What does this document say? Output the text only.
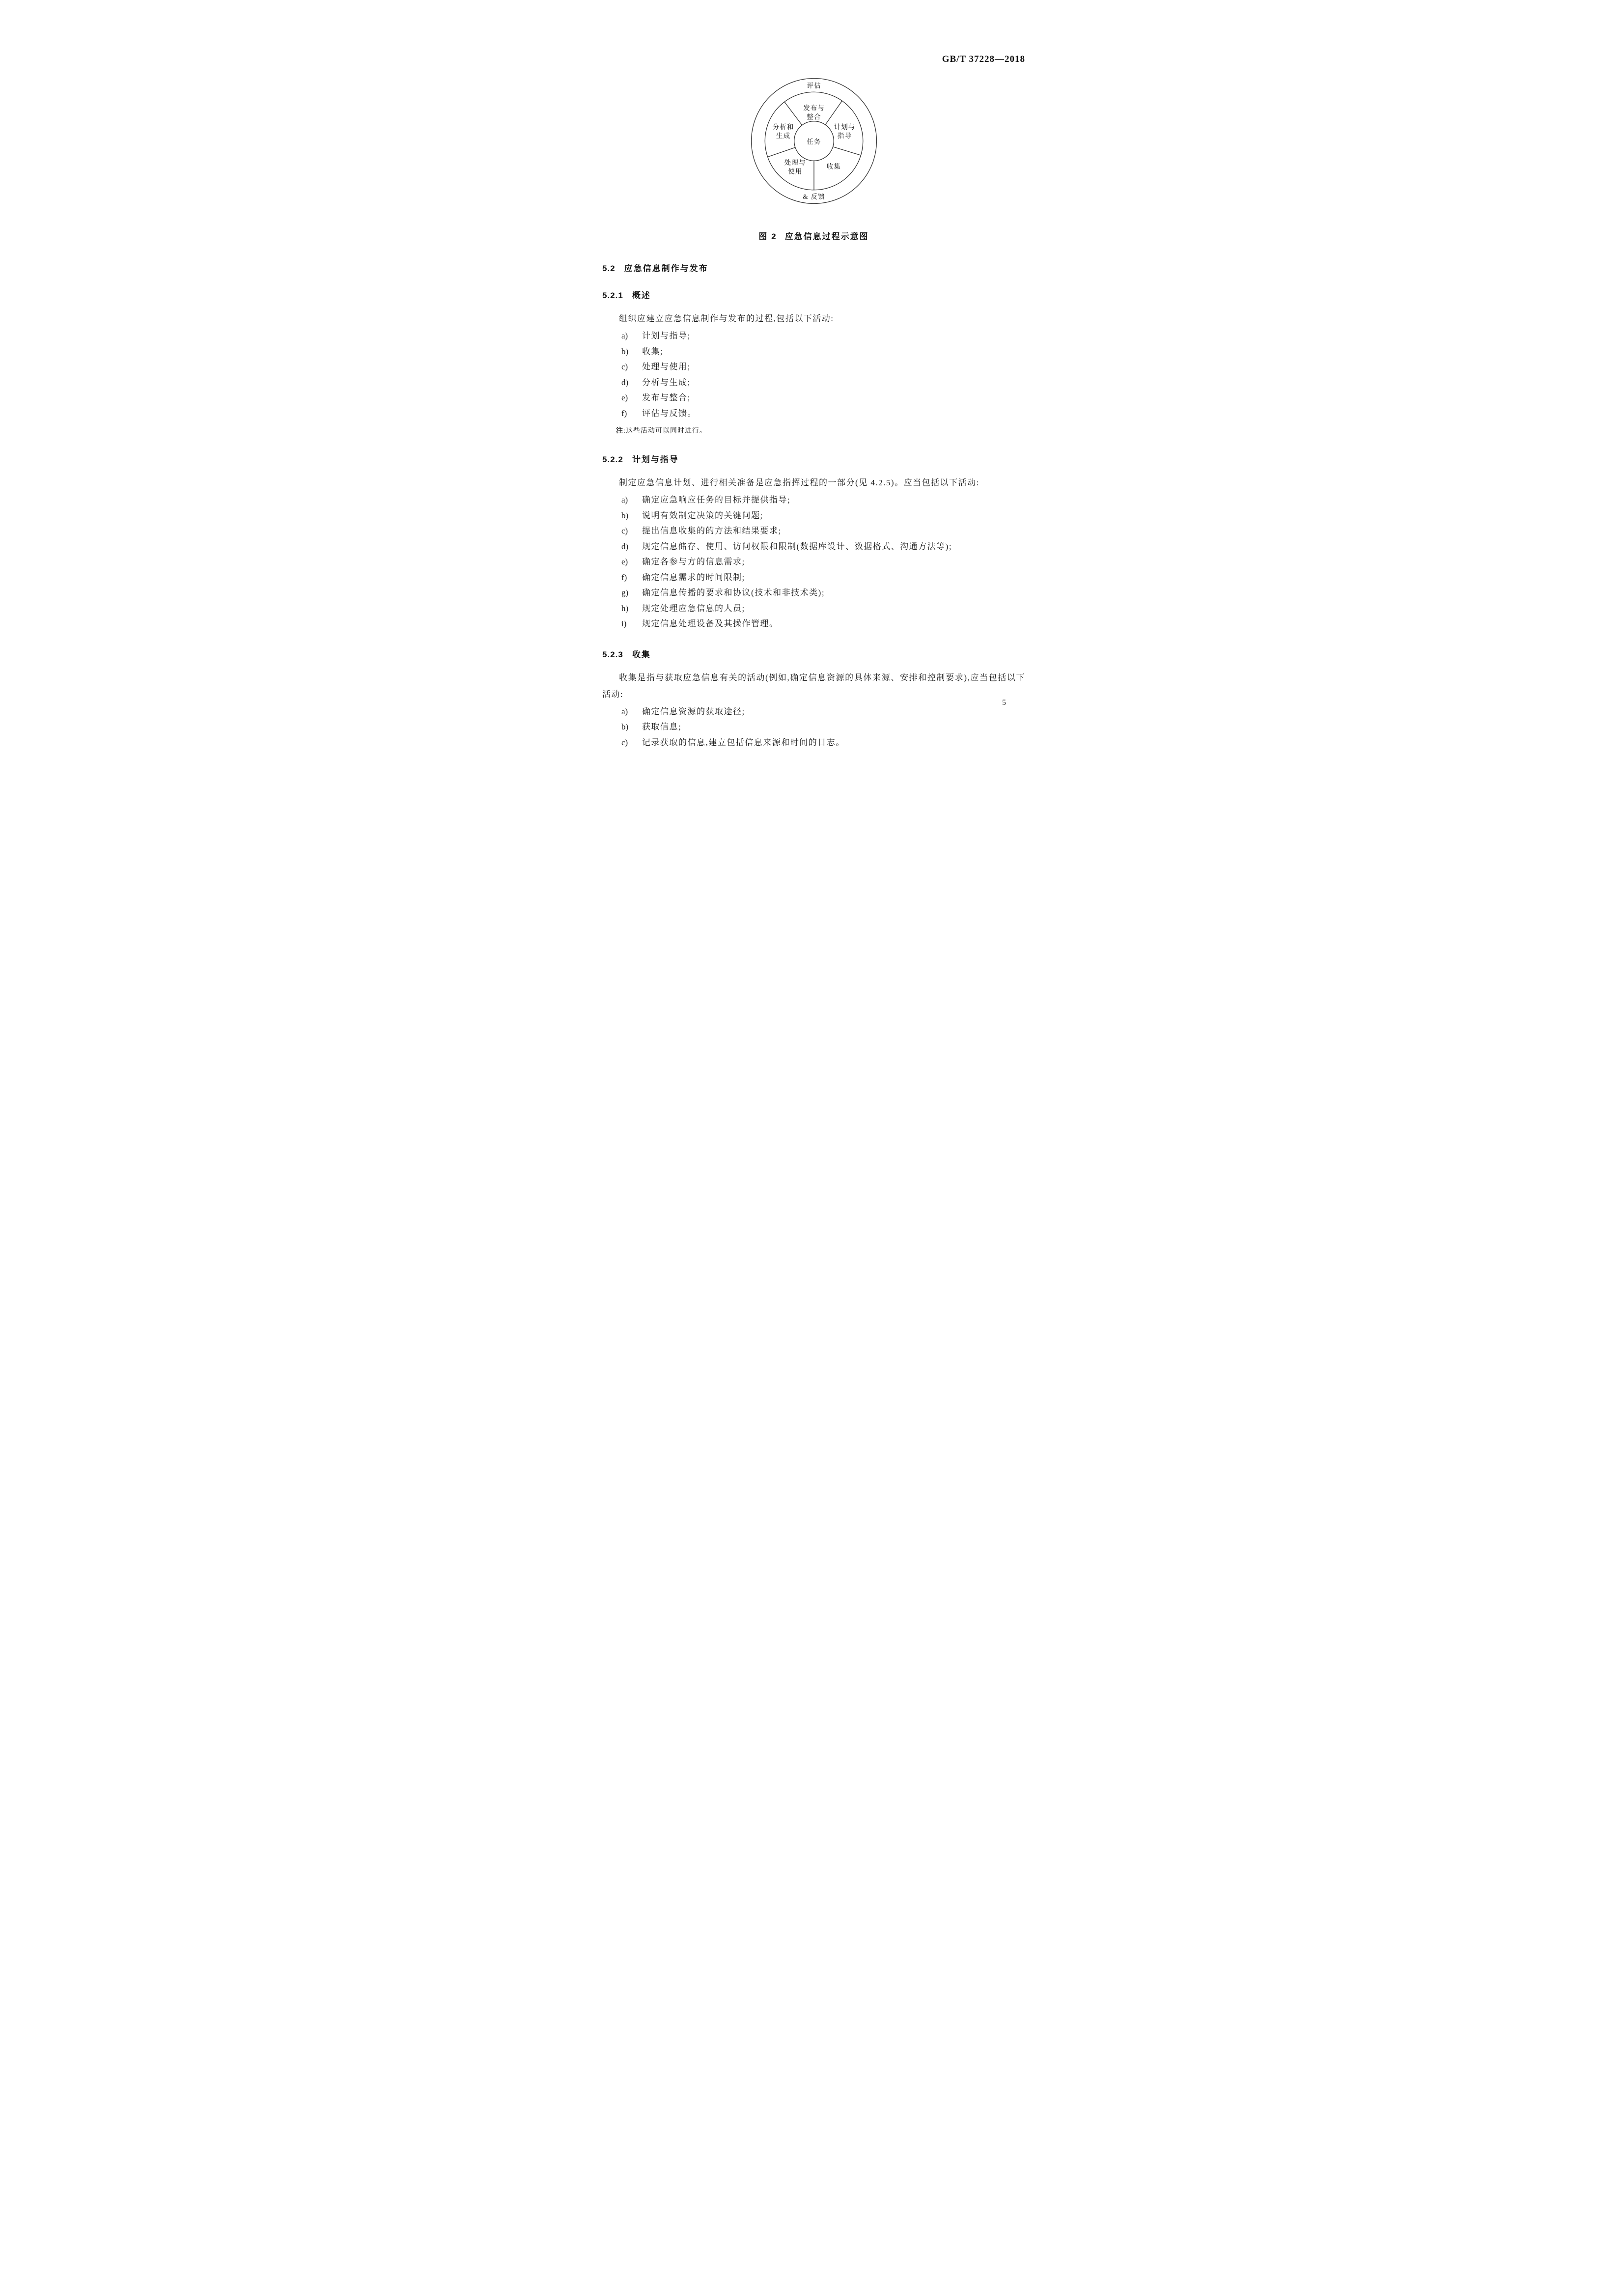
GB/T 37228—2018
评估
& 反馈
发布与
整合
计划与
指导
收集
处理与
使用
分析和
生成
任务
图 2 应急信息过程示意图
5.2 应急信息制作与发布
5.2.1 概述

组织应建立应急信息制作与发布的过程,包括以下活动:

a)	计划与指导;
b)	收集;
c)	处理与使用;
d)	分析与生成;
e)	发布与整合;
f)	评估与反馈。
注:这些活动可以同时进行。
5.2.2 计划与指导

制定应急信息计划、进行相关准备是应急指挥过程的一部分(见 4.2.5)。应当包括以下活动:

a)	确定应急响应任务的目标并提供指导;
b)	说明有效制定决策的关键问题;
c)	提出信息收集的的方法和结果要求;
d)	规定信息储存、使用、访问权限和限制(数据库设计、数据格式、沟通方法等);
e)	确定各参与方的信息需求;
f)	确定信息需求的时间限制;
g)	确定信息传播的要求和协议(技术和非技术类);
h)	规定处理应急信息的人员;
i)	规定信息处理设备及其操作管理。
5.2.3 收集

收集是指与获取应急信息有关的活动(例如,确定信息资源的具体来源、安排和控制要求),应当包括以下活动:

a)	确定信息资源的获取途径;
b)	获取信息;
c)	记录获取的信息,建立包括信息来源和时间的日志。
5
